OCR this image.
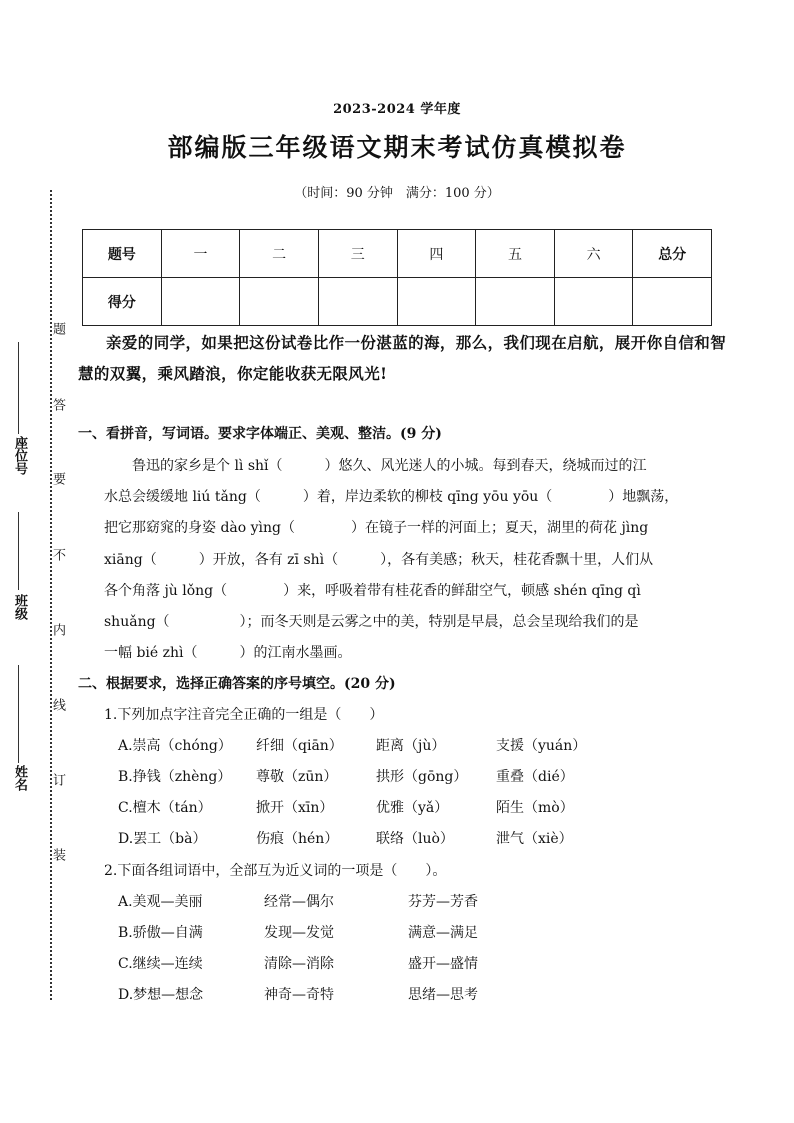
题
答
要
不
内
线
订
装
座位号
班级
姓名
2023-2024 学年度
部编版三年级语文期末考试仿真模拟卷
（时间：90 分钟　满分：100 分）
题号	一	二	三	四	五	六	总分
得分							
亲爱的同学，如果把这份试卷比作一份湛蓝的海，那么，我们现在启航，展开你自信和智慧的双翼，乘风踏浪，你定能收获无限风光!
一、看拼音，写词语。要求字体端正、美观、整洁。(9 分)
　　鲁迅的家乡是个 lì shǐ（　　　）悠久、风光迷人的小城。每到春天，绕城而过的江
水总会缓缓地 liú tǎng（　　　）着，岸边柔软的柳枝 qīng yōu yōu（　　　　）地飘荡，
把它那窈窕的身姿 dào yìng（　　　　）在镜子一样的河面上；夏天，湖里的荷花 jìng
xiāng（　　　）开放，各有 zī shì（　　　），各有美感；秋天，桂花香飘十里，人们从
各个角落 jù lǒng（　　　　）来，呼吸着带有桂花香的鲜甜空气，顿感 shén qīng qì
shuǎng（　　　　　）；而冬天则是云雾之中的美，特别是早晨，总会呈现给我们的是
一幅 bié zhì（　　　）的江南水墨画。
二、根据要求，选择正确答案的序号填空。(20 分)
1.下列加点字注音完全正确的一组是（　　）
A.崇高（chóng） 纤细（qiān） 距离（jù）	支援（yuán）
B.挣钱（zhèng） 尊敬（zūn）	拱形（gōng） 重叠（dié）
C.檀木（tán）	掀开（xīn）	优雅（yǎ）	陌生（mò）
D.罢工（bà）	伤痕（hén）	联络（luò）	泄气（xiè）
2.下面各组词语中，全部互为近义词的一项是（　　）。
A.美观—美丽	经常—偶尔	芬芳—芳香
B.骄傲—自满	发现—发觉	满意—满足
C.继续—连续	清除—消除	盛开—盛情
D.梦想—想念	神奇—奇特	思绪—思考
